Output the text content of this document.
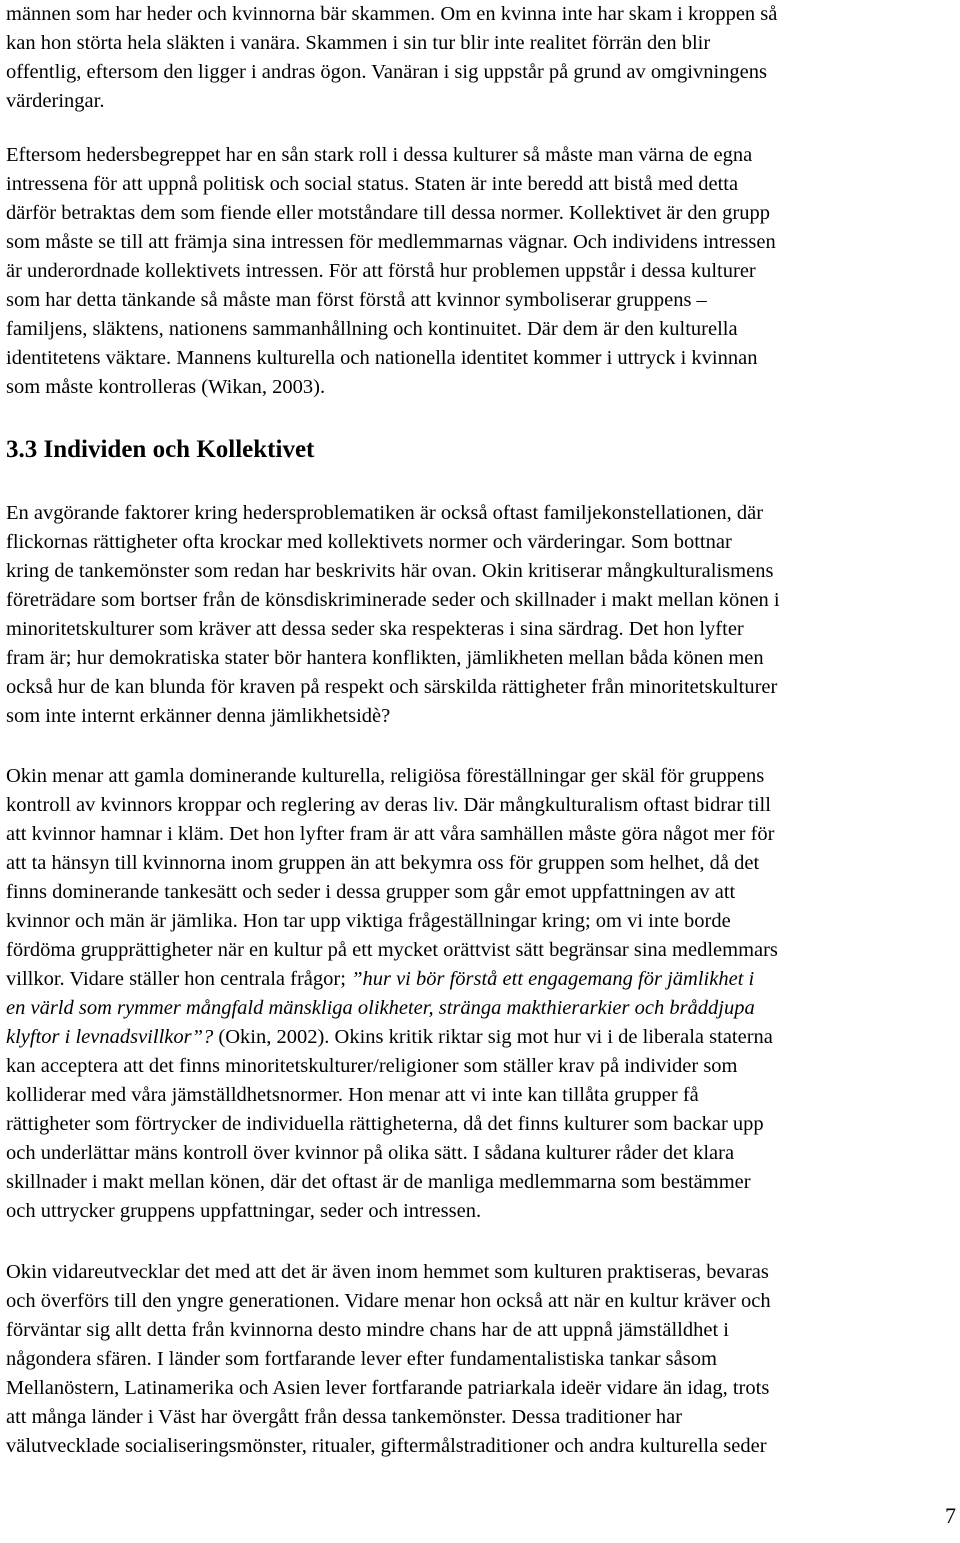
männen som har heder och kvinnorna bär skammen. Om en kvinna inte har skam i kroppen så
kan hon störta hela släkten i vanära. Skammen i sin tur blir inte realitet förrän den blir
offentlig, eftersom den ligger i andras ögon. Vanäran i sig uppstår på grund av omgivningens
värderingar.

Eftersom hedersbegreppet har en sån stark roll i dessa kulturer så måste man värna de egna
intressena för att uppnå politisk och social status. Staten är inte beredd att bistå med detta
därför betraktas dem som fiende eller motståndare till dessa normer. Kollektivet är den grupp
som måste se till att främja sina intressen för medlemmarnas vägnar. Och individens intressen
är underordnade kollektivets intressen. För att förstå hur problemen uppstår i dessa kulturer
som har detta tänkande så måste man först förstå att kvinnor symboliserar gruppens –
familjens, släktens, nationens sammanhållning och kontinuitet. Där dem är den kulturella
identitetens väktare. Mannens kulturella och nationella identitet kommer i uttryck i kvinnan
som måste kontrolleras (Wikan, 2003).

3.3 Individen och Kollektivet

En avgörande faktorer kring hedersproblematiken är också oftast familjekonstellationen, där
flickornas rättigheter ofta krockar med kollektivets normer och värderingar. Som bottnar
kring de tankemönster som redan har beskrivits här ovan. Okin kritiserar mångkulturalismens
företrädare som bortser från de könsdiskriminerade seder och skillnader i makt mellan könen i
minoritetskulturer som kräver att dessa seder ska respekteras i sina särdrag. Det hon lyfter
fram är; hur demokratiska stater bör hantera konflikten, jämlikheten mellan båda könen men
också hur de kan blunda för kraven på respekt och särskilda rättigheter från minoritetskulturer
som inte internt erkänner denna jämlikhetsidè?

Okin menar att gamla dominerande kulturella, religiösa föreställningar ger skäl för gruppens
kontroll av kvinnors kroppar och reglering av deras liv. Där mångkulturalism oftast bidrar till
att kvinnor hamnar i kläm. Det hon lyfter fram är att våra samhällen måste göra något mer för
att ta hänsyn till kvinnorna inom gruppen än att bekymra oss för gruppen som helhet, då det
finns dominerande tankesätt och seder i dessa grupper som går emot uppfattningen av att
kvinnor och män är jämlika. Hon tar upp viktiga frågeställningar kring; om vi inte borde
fördöma grupprättigheter när en kultur på ett mycket orättvist sätt begränsar sina medlemmars
villkor. Vidare ställer hon centrala frågor; ”hur vi bör förstå ett engagemang för jämlikhet i
en värld som rymmer mångfald mänskliga olikheter, stränga makthierarkier och bråddjupa
klyftor i levnadsvillkor”? (Okin, 2002). Okins kritik riktar sig mot hur vi i de liberala staterna
kan acceptera att det finns minoritetskulturer/religioner som ställer krav på individer som
kolliderar med våra jämställdhetsnormer. Hon menar att vi inte kan tillåta grupper få
rättigheter som förtrycker de individuella rättigheterna, då det finns kulturer som backar upp
och underlättar mäns kontroll över kvinnor på olika sätt. I sådana kulturer råder det klara
skillnader i makt mellan könen, där det oftast är de manliga medlemmarna som bestämmer
och uttrycker gruppens uppfattningar, seder och intressen.

Okin vidareutvecklar det med att det är även inom hemmet som kulturen praktiseras, bevaras
och överförs till den yngre generationen. Vidare menar hon också att när en kultur kräver och
förväntar sig allt detta från kvinnorna desto mindre chans har de att uppnå jämställdhet i
någondera sfären. I länder som fortfarande lever efter fundamentalistiska tankar såsom
Mellanöstern, Latinamerika och Asien lever fortfarande patriarkala ideër vidare än idag, trots
att många länder i Väst har övergått från dessa tankemönster. Dessa traditioner har
välutvecklade socialiseringsmönster, ritualer, giftermålstraditioner och andra kulturella seder

7
